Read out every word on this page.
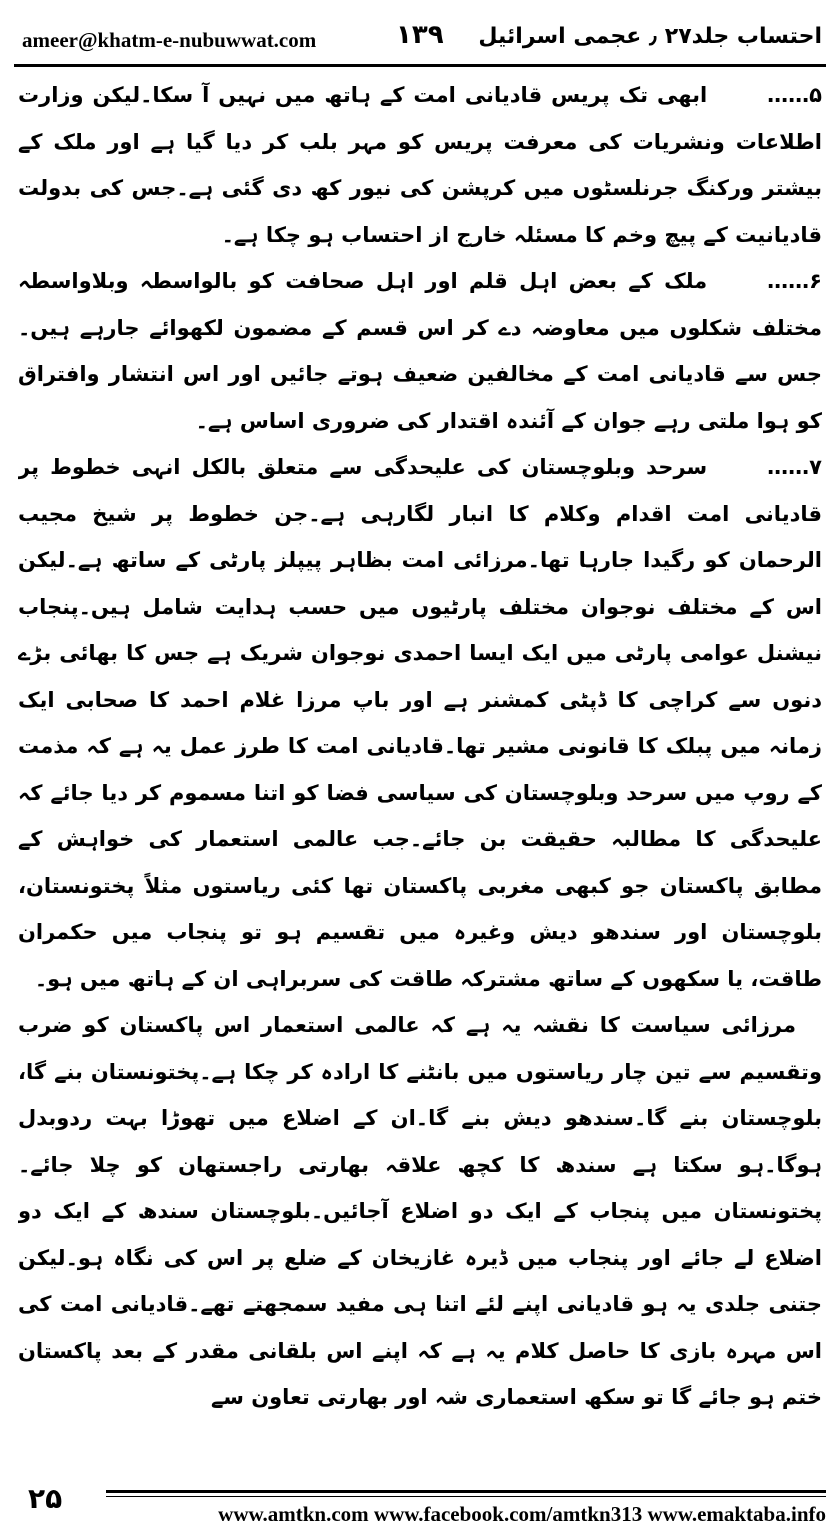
ameer@khatm-e-nubuwwat.com	۱۳۹ احتساب جلد۲۷ ٫ عجمی اسرائیل

۵……ابھی تک پریس قادیانی امت کے ہاتھ میں نہیں آ سکا۔لیکن وزارت اطلاعات ونشریات کی معرفت پریس کو مہر بلب کر دیا گیا ہے اور ملک کے بیشتر ورکنگ جرنلسٹوں میں کرپشن کی نیور کھ دی گئی ہے۔جس کی بدولت قادیانیت کے پیچ وخم کا مسئلہ خارج از احتساب ہو چکا ہے۔

۶……ملک کے بعض اہل قلم اور اہل صحافت کو بالواسطہ وبلاواسطہ مختلف شکلوں میں معاوضہ دے کر اس قسم کے مضمون لکھوائے جارہے ہیں۔جس سے قادیانی امت کے مخالفین ضعیف ہوتے جائیں اور اس انتشار وافتراق کو ہوا ملتی رہے جوان کے آئندہ اقتدار کی ضروری اساس ہے۔

۷……سرحد وبلوچستان کی علیحدگی سے متعلق بالکل انہی خطوط پر قادیانی امت اقدام وکلام کا انبار لگارہی ہے۔جن خطوط پر شیخ مجیب الرحمان کو رگیدا جارہا تھا۔مرزائی امت بظاہر پیپلز پارٹی کے ساتھ ہے۔لیکن اس کے مختلف نوجوان مختلف پارٹیوں میں حسب ہدایت شامل ہیں۔پنجاب نیشنل عوامی پارٹی میں ایک ایسا احمدی نوجوان شریک ہے جس کا بھائی بڑے دنوں سے کراچی کا ڈپٹی کمشنر ہے اور باپ مرزا غلام احمد کا صحابی ایک زمانہ میں پبلک کا قانونی مشیر تھا۔قادیانی امت کا طرز عمل یہ ہے کہ مذمت کے روپ میں سرحد وبلوچستان کی سیاسی فضا کو اتنا مسموم کر دیا جائے کہ علیحدگی کا مطالبہ حقیقت بن جائے۔جب عالمی استعمار کی خواہش کے مطابق پاکستان جو کبھی مغربی پاکستان تھا کئی ریاستوں مثلاً پختونستان، بلوچستان اور سندھو دیش وغیرہ میں تقسیم ہو تو پنجاب میں حکمران طاقت، یا سکھوں کے ساتھ مشترکہ طاقت کی سربراہی ان کے ہاتھ میں ہو۔

مرزائی سیاست کا نقشہ یہ ہے کہ عالمی استعمار اس پاکستان کو ضرب وتقسیم سے تین چار ریاستوں میں بانٹنے کا ارادہ کر چکا ہے۔پختونستان بنے گا، بلوچستان بنے گا۔سندھو دیش بنے گا۔ان کے اضلاع میں تھوڑا بہت ردوبدل ہوگا۔ہو سکتا ہے سندھ کا کچھ علاقہ بھارتی راجستھان کو چلا جائے۔پختونستان میں پنجاب کے ایک دو اضلاع آجائیں۔بلوچستان سندھ کے ایک دو اضلاع لے جائے اور پنجاب میں ڈیرہ غازیخان کے ضلع پر اس کی نگاہ ہو۔لیکن جتنی جلدی یہ ہو قادیانی اپنے لئے اتنا ہی مفید سمجھتے تھے۔قادیانی امت کی اس مہرہ بازی کا حاصل کلام یہ ہے کہ اپنے اس بلقانی مقدر کے بعد پاکستان ختم ہو جائے گا تو سکھ استعماری شہ اور بھارتی تعاون سے

۲۵	www.amtkn.com www.facebook.com/amtkn313 www.emaktaba.info
